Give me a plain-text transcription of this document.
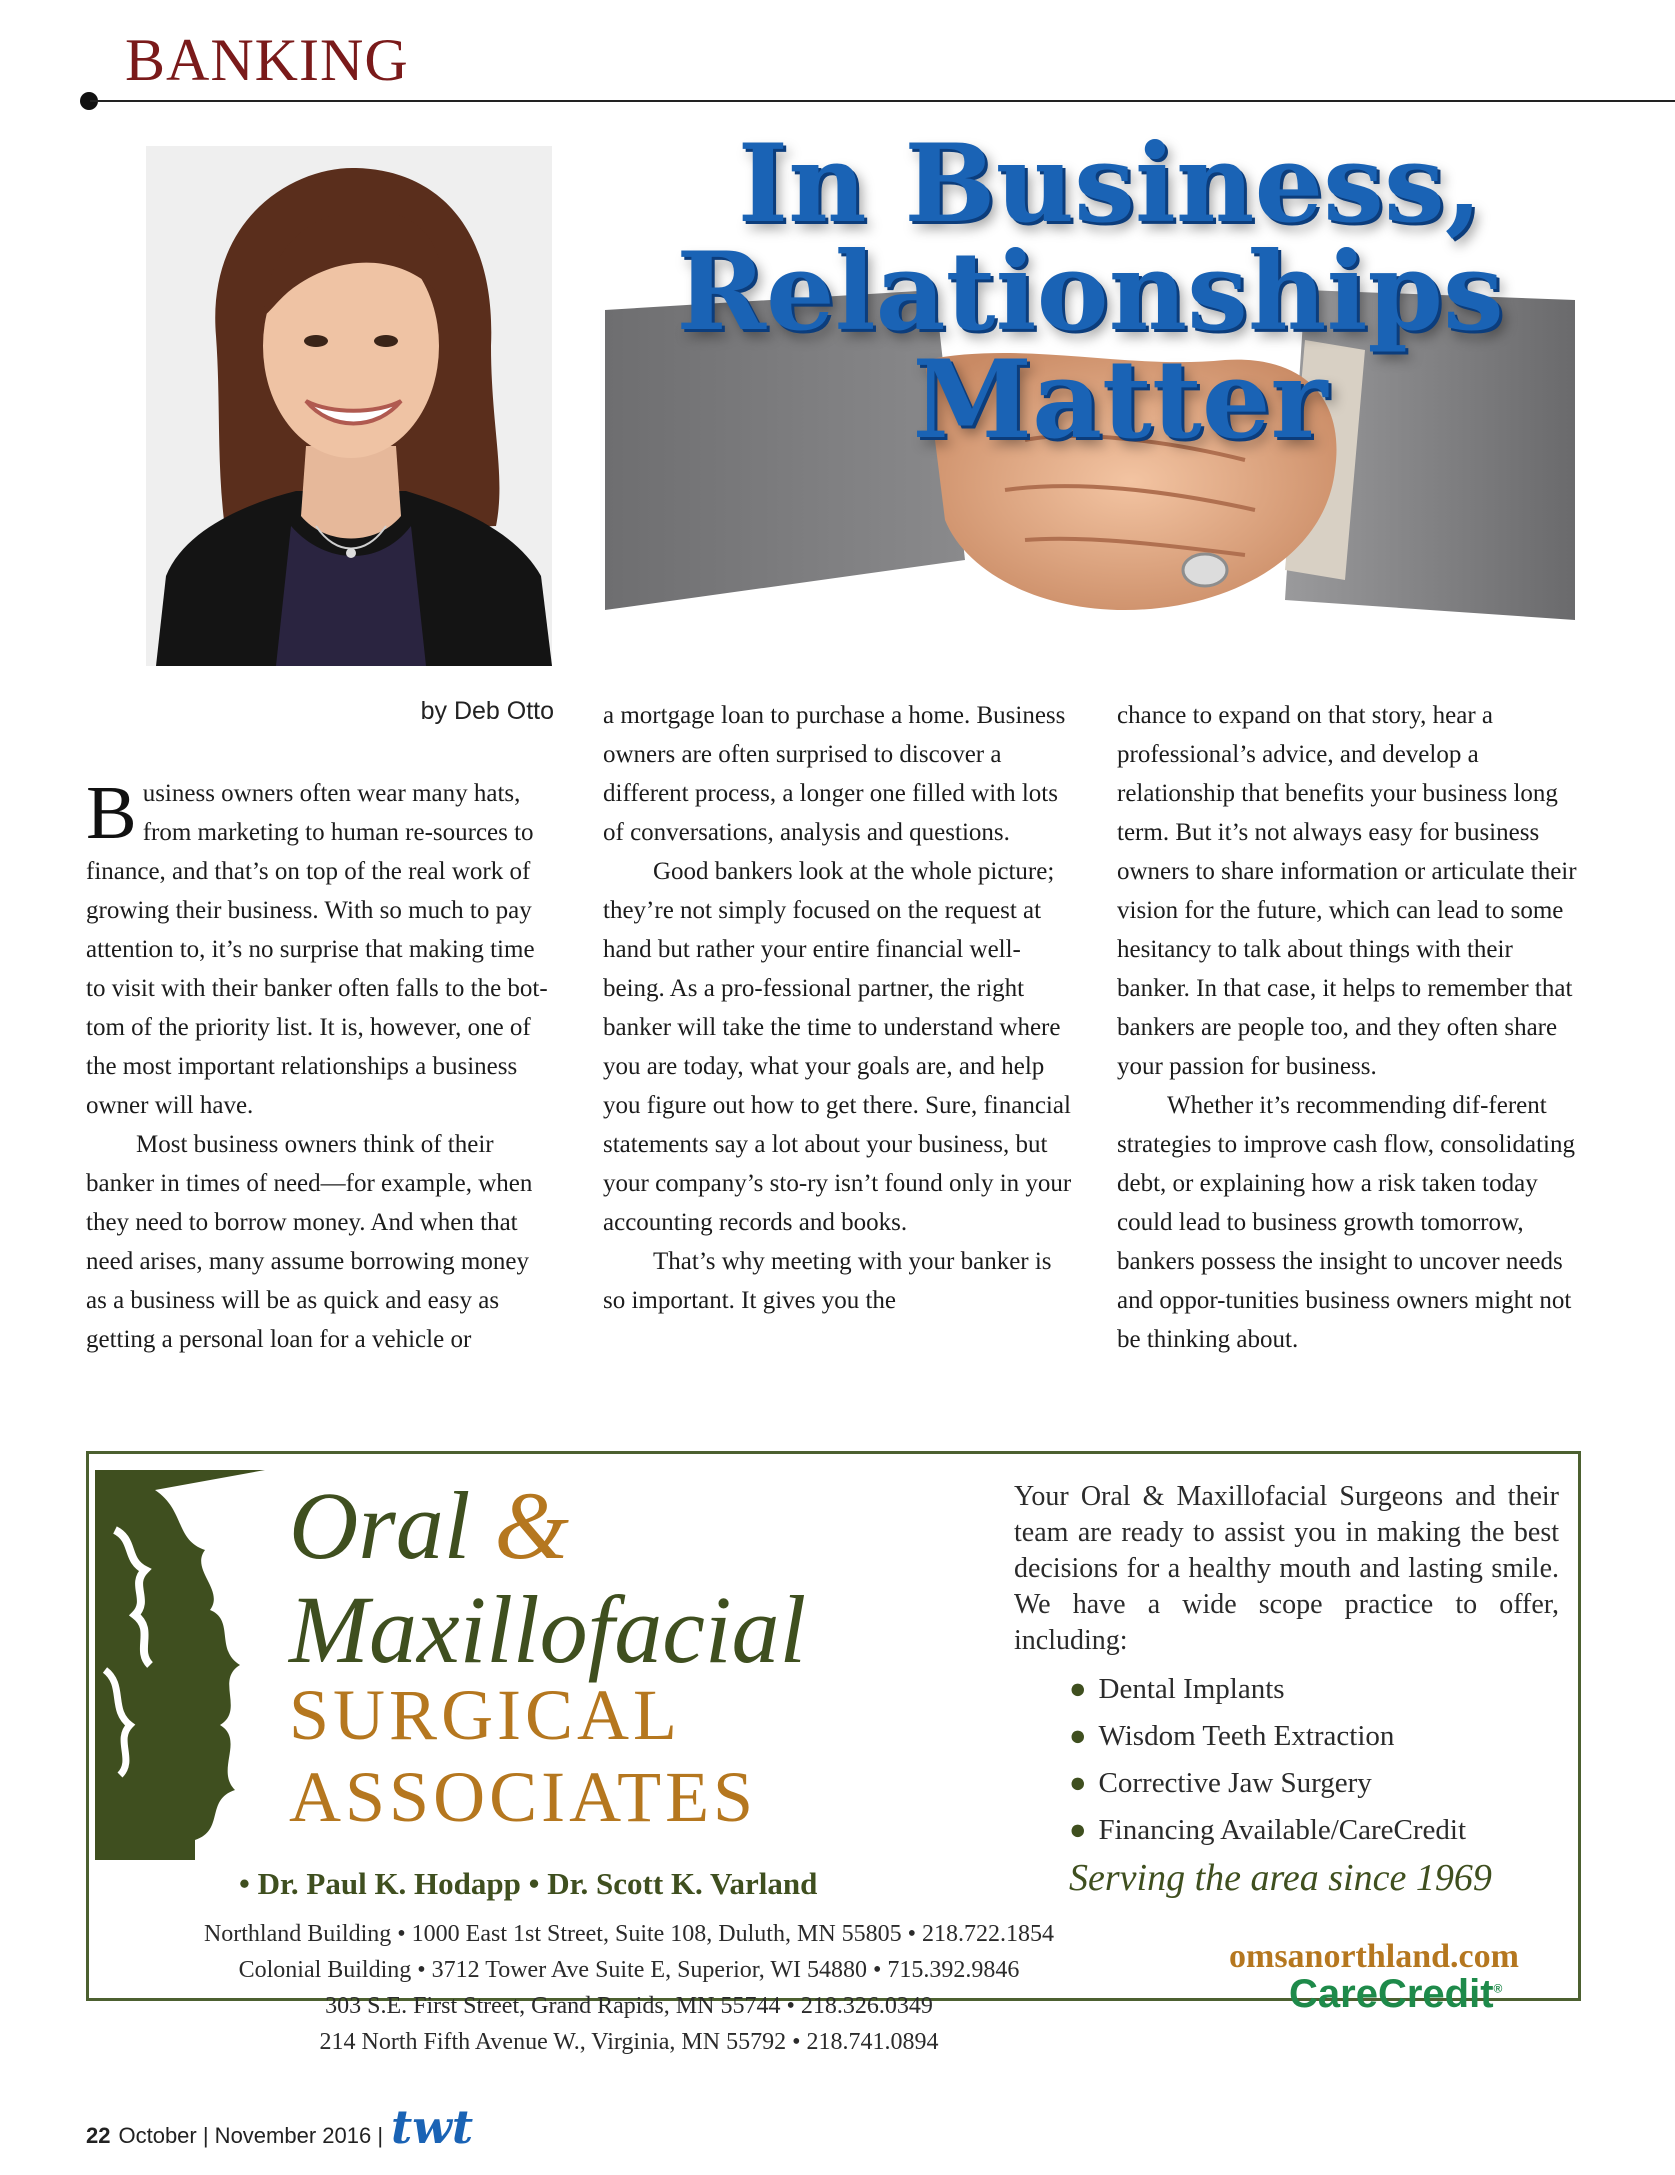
BANKING
In Business,
Relationships
Matter
by Deb Otto

Business owners often wear many hats, from marketing to human re-sources to finance, and that’s on top of the real work of growing their business. With so much to pay attention to, it’s no surprise that making time to visit with their banker often falls to the bot-tom of the priority list. It is, however, one of the most important relationships a business owner will have.

Most business owners think of their banker in times of need—for example, when they need to borrow money. And when that need arises, many assume borrowing money as a business will be as quick and easy as getting a personal loan for a vehicle or

a mortgage loan to purchase a home. Business owners are often surprised to discover a different process, a longer one filled with lots of conversations, analysis and questions.

Good bankers look at the whole picture; they’re not simply focused on the request at hand but rather your entire financial well-being. As a pro-fessional partner, the right banker will take the time to understand where you are today, what your goals are, and help you figure out how to get there. Sure, financial statements say a lot about your business, but your company’s sto-ry isn’t found only in your accounting records and books.

That’s why meeting with your banker is so important. It gives you the

chance to expand on that story, hear a professional’s advice, and develop a relationship that benefits your business long term. But it’s not always easy for business owners to share information or articulate their vision for the future, which can lead to some hesitancy to talk about things with their banker. In that case, it helps to remember that bankers are people too, and they often share your passion for business.

Whether it’s recommending dif-ferent strategies to improve cash flow, consolidating debt, or explaining how a risk taken today could lead to business growth tomorrow, bankers possess the insight to uncover needs and oppor-tunities business owners might not be thinking about.

Oral &
Maxillofacial
SURGICAL
ASSOCIATES
• Dr. Paul K. Hodapp • Dr. Scott K. Varland
Your Oral & Maxillofacial Surgeons and their team are ready to assist you in making the best decisions for a healthy mouth and lasting smile. We have a wide scope practice to offer, including:
● Dental Implants
● Wisdom Teeth Extraction
● Corrective Jaw Surgery
● Financing Available/CareCredit
Serving the area since 1969
Northland Building • 1000 East 1st Street, Suite 108, Duluth, MN 55805 • 218.722.1854
Colonial Building • 3712 Tower Ave Suite E, Superior, WI 54880 • 715.392.9846
303 S.E. First Street, Grand Rapids, MN 55744 • 218.326.0349
214 North Fifth Avenue W., Virginia, MN 55792 • 218.741.0894
omsanorthland.com
CareCredit®
22 October | November 2016 | twt
